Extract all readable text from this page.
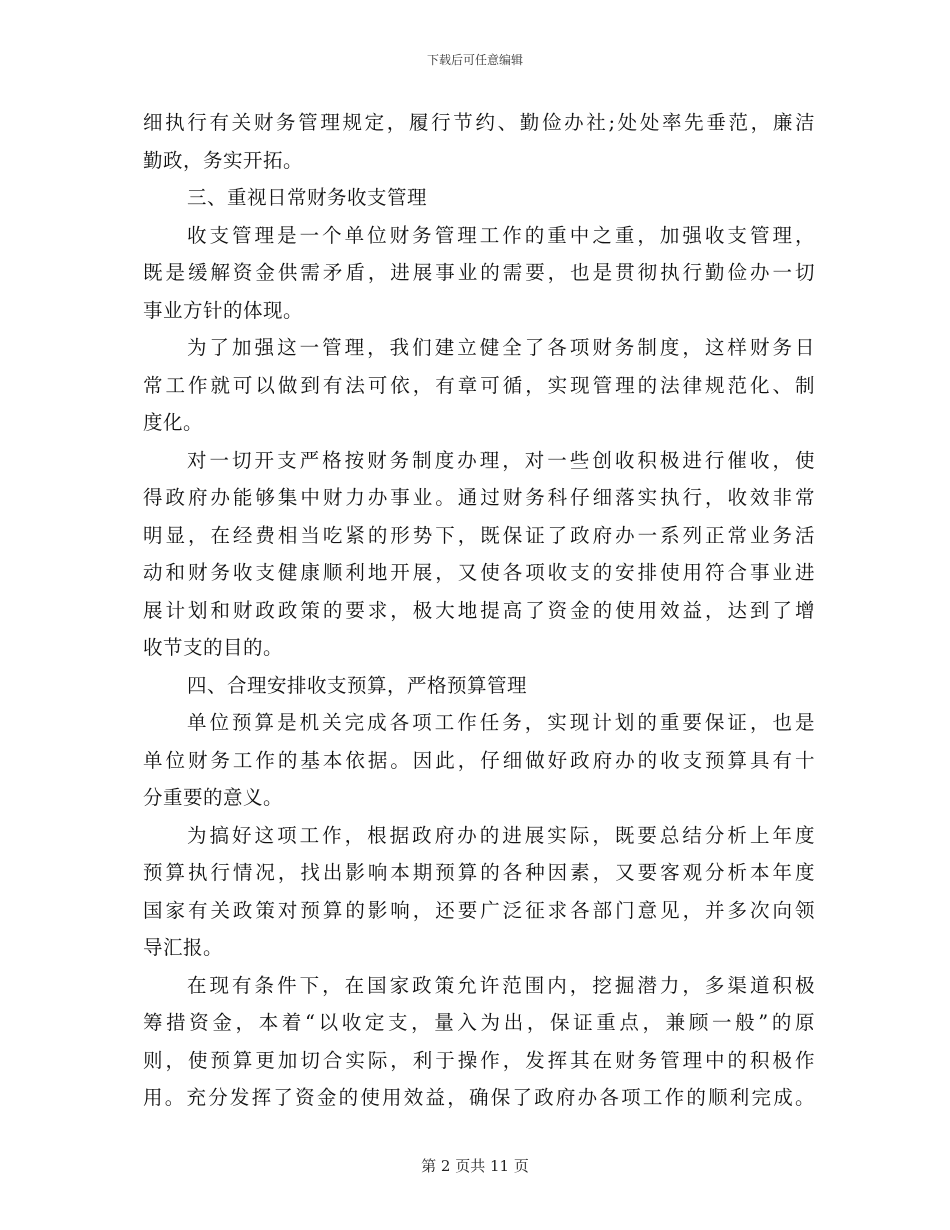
下载后可任意编辑
细执行有关财务管理规定，履行节约、勤俭办社;处处率先垂范，廉洁
勤政，务实开拓。
三、重视日常财务收支管理
收支管理是一个单位财务管理工作的重中之重，加强收支管理，
既是缓解资金供需矛盾，进展事业的需要，也是贯彻执行勤俭办一切
事业方针的体现。
为了加强这一管理，我们建立健全了各项财务制度，这样财务日
常工作就可以做到有法可依，有章可循，实现管理的法律规范化、制
度化。
对一切开支严格按财务制度办理，对一些创收积极进行催收，使
得政府办能够集中财力办事业。通过财务科仔细落实执行，收效非常
明显，在经费相当吃紧的形势下，既保证了政府办一系列正常业务活
动和财务收支健康顺利地开展，又使各项收支的安排使用符合事业进
展计划和财政政策的要求，极大地提高了资金的使用效益，达到了增
收节支的目的。
四、合理安排收支预算，严格预算管理
单位预算是机关完成各项工作任务，实现计划的重要保证，也是
单位财务工作的基本依据。因此，仔细做好政府办的收支预算具有十
分重要的意义。
为搞好这项工作，根据政府办的进展实际，既要总结分析上年度
预算执行情况，找出影响本期预算的各种因素，又要客观分析本年度
国家有关政策对预算的影响，还要广泛征求各部门意见，并多次向领
导汇报。
在现有条件下，在国家政策允许范围内，挖掘潜力，多渠道积极
筹措资金，本着“以收定支，量入为出，保证重点，兼顾一般”的原
则，使预算更加切合实际，利于操作，发挥其在财务管理中的积极作
用。充分发挥了资金的使用效益，确保了政府办各项工作的顺利完成。
第 2 页共 11 页
